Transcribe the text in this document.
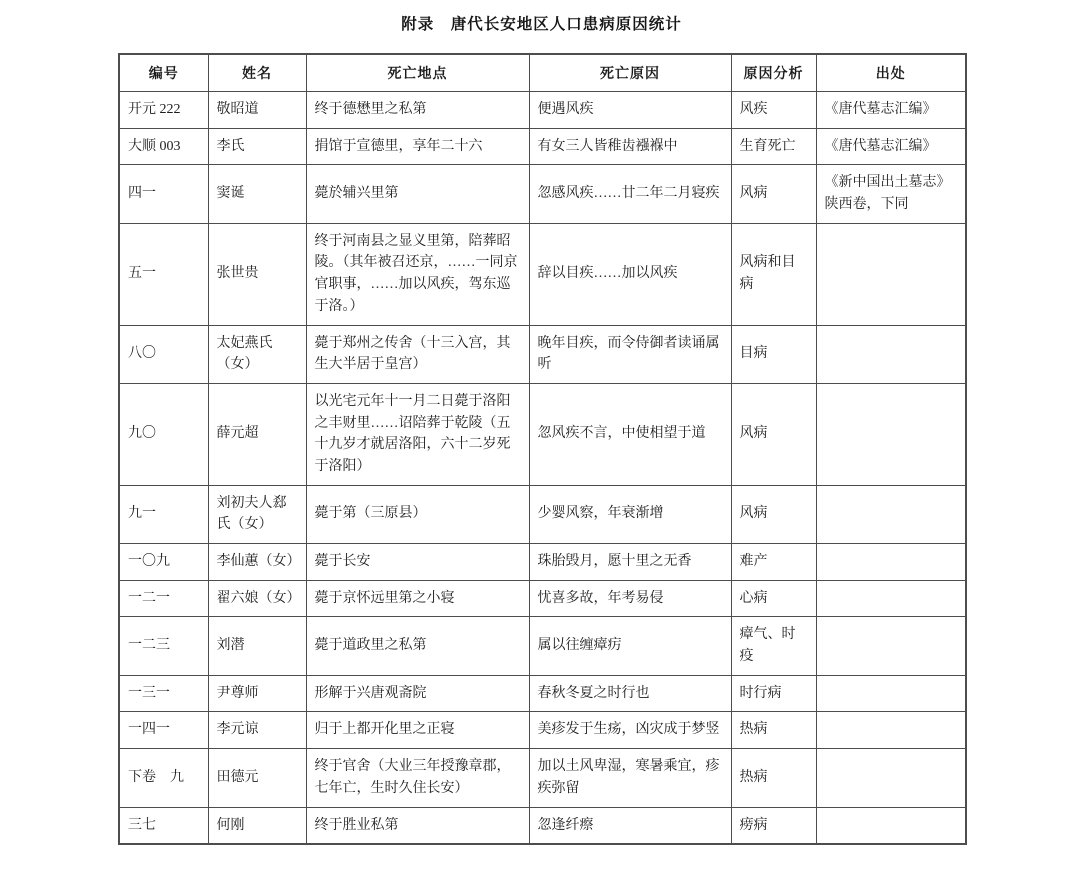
附录　唐代长安地区人口患病原因统计
编号	姓名	死亡地点	死亡原因	原因分析	出处
开元 222	敬昭道	终于德懋里之私第	便遇风疾	风疾	《唐代墓志汇编》
大顺 003	李氏	捐馆于宣德里，享年二十六	有女三人皆稚齿襁褓中	生育死亡	《唐代墓志汇编》
四一	窦诞	薨於辅兴里第	忽感风疾……廿二年二月寝疾	风病	《新中国出土墓志》陕西卷，下同
五一	张世贵	终于河南县之显义里第，陪葬昭陵。（其年被召还京，……一同京官职事，……加以风疾，驾东巡于洛。）	辞以目疾……加以风疾	风病和目病	
八〇	太妃燕氏（女）	薨于郑州之传舍（十三入宫，其生大半居于皇宫）	晚年目疾，而令侍御者读诵属听	目病	
九〇	薛元超	以光宅元年十一月二日薨于洛阳之丰财里……诏陪葬于乾陵（五十九岁才就居洛阳，六十二岁死于洛阳）	忽风疾不言，中使相望于道	风病	
九一	刘初夫人郄氏（女）	薨于第（三原县）	少婴风察，年衰渐增	风病	
一〇九	李仙蕙（女）	薨于长安	珠胎毁月，愿十里之无香	难产	
一二一	翟六娘（女）	薨于京怀远里第之小寝	忧喜多故，年考易侵	心病	
一二三	刘潜	薨于道政里之私第	属以往缠瘴疠	瘴气、时疫	
一三一	尹尊师	形解于兴唐观斋院	春秋冬夏之时行也	时行病	
一四一	李元谅	归于上都开化里之正寝	美疹发于生疡，凶灾成于梦竖	热病	
下卷　九	田德元	终于官舍（大业三年授豫章郡，七年亡，生时久住长安）	加以土风卑湿，寒暑乘宜，疹疾弥留	热病	
三七	何刚	终于胜业私第	忽逢纤瘵	痨病	
